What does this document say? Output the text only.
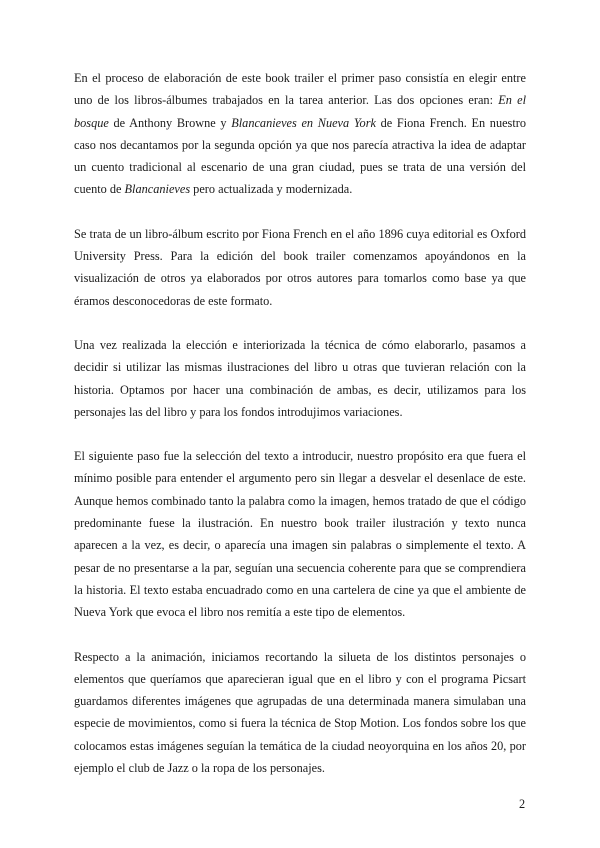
En el proceso de elaboración de este book trailer el primer paso consistía en elegir entre uno de los libros-álbumes trabajados en la tarea anterior. Las dos opciones eran: En el bosque de Anthony Browne y Blancanieves en Nueva York de Fiona French. En nuestro caso nos decantamos por la segunda opción ya que nos parecía atractiva la idea de adaptar un cuento tradicional al escenario de una gran ciudad, pues se trata de una versión del cuento de Blancanieves pero actualizada y modernizada.

Se trata de un libro-álbum escrito por Fiona French en el año 1896 cuya editorial es Oxford University Press. Para la edición del book trailer comenzamos apoyándonos en la visualización de otros ya elaborados por otros autores para tomarlos como base ya que éramos desconocedoras de este formato.

Una vez realizada la elección e interiorizada la técnica de cómo elaborarlo, pasamos a decidir si utilizar las mismas ilustraciones del libro u otras que tuvieran relación con la historia. Optamos por hacer una combinación de ambas, es decir, utilizamos para los personajes las del libro y para los fondos introdujimos variaciones.

El siguiente paso fue la selección del texto a introducir, nuestro propósito era que fuera el mínimo posible para entender el argumento pero sin llegar a desvelar el desenlace de este. Aunque hemos combinado tanto la palabra como la imagen, hemos tratado de que el código predominante fuese la ilustración. En nuestro book trailer ilustración y texto nunca aparecen a la vez, es decir, o aparecía una imagen sin palabras o simplemente el texto. A pesar de no presentarse a la par, seguían una secuencia coherente para que se comprendiera la historia. El texto estaba encuadrado como en una cartelera de cine ya que el ambiente de Nueva York que evoca el libro nos remitía a este tipo de elementos.

Respecto a la animación, iniciamos recortando la silueta de los distintos personajes o elementos que queríamos que aparecieran igual que en el libro y con el programa Picsart guardamos diferentes imágenes que agrupadas de una determinada manera simulaban una especie de movimientos, como si fuera la técnica de Stop Motion. Los fondos sobre los que colocamos estas imágenes seguían la temática de la ciudad neoyorquina en los años 20, por ejemplo el club de Jazz o la ropa de los personajes.

2
